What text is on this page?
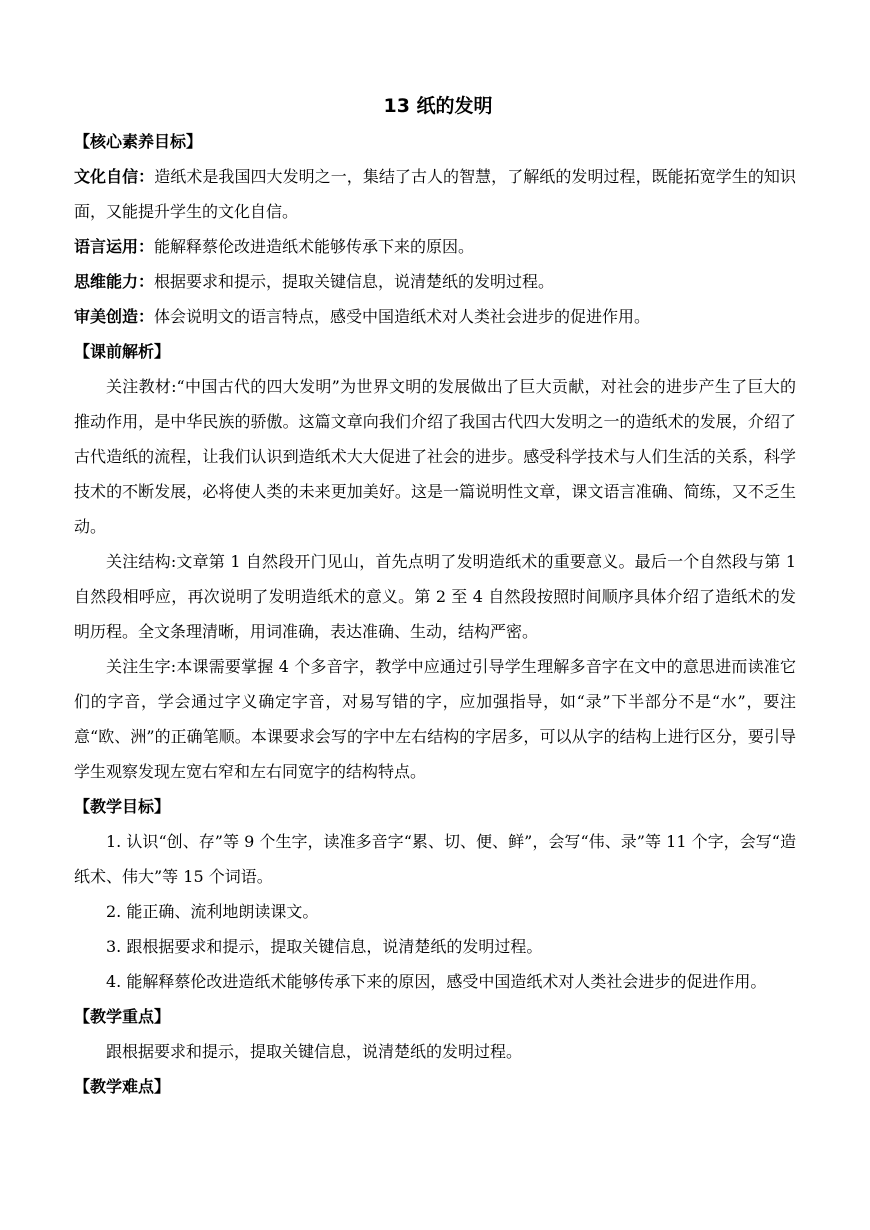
13 纸的发明
【核心素养目标】

文化自信：造纸术是我国四大发明之一，集结了古人的智慧，了解纸的发明过程，既能拓宽学生的知识面，又能提升学生的文化自信。

语言运用：能解释蔡伦改进造纸术能够传承下来的原因。

思维能力：根据要求和提示，提取关键信息，说清楚纸的发明过程。

审美创造：体会说明文的语言特点，感受中国造纸术对人类社会进步的促进作用。

【课前解析】

关注教材:“中国古代的四大发明”为世界文明的发展做出了巨大贡献，对社会的进步产生了巨大的推动作用，是中华民族的骄傲。这篇文章向我们介绍了我国古代四大发明之一的造纸术的发展，介绍了古代造纸的流程，让我们认识到造纸术大大促进了社会的进步。感受科学技术与人们生活的关系，科学技术的不断发展，必将使人类的未来更加美好。这是一篇说明性文章，课文语言准确、简练，又不乏生动。

关注结构:文章第 1 自然段开门见山，首先点明了发明造纸术的重要意义。最后一个自然段与第 1 自然段相呼应，再次说明了发明造纸术的意义。第 2 至 4 自然段按照时间顺序具体介绍了造纸术的发明历程。全文条理清晰，用词准确，表达准确、生动，结构严密。

关注生字:本课需要掌握 4 个多音字，教学中应通过引导学生理解多音字在文中的意思进而读准它们的字音，学会通过字义确定字音，对易写错的字，应加强指导，如“录”下半部分不是“水”，要注意“欧、洲”的正确笔顺。本课要求会写的字中左右结构的字居多，可以从字的结构上进行区分，要引导学生观察发现左宽右窄和左右同宽字的结构特点。

【教学目标】

1. 认识“创、存”等 9 个生字，读准多音字“累、切、便、鲜”，会写“伟、录”等 11 个字，会写“造纸术、伟大”等 15 个词语。

2. 能正确、流利地朗读课文。

3. 跟根据要求和提示，提取关键信息，说清楚纸的发明过程。

4. 能解释蔡伦改进造纸术能够传承下来的原因，感受中国造纸术对人类社会进步的促进作用。

【教学重点】

跟根据要求和提示，提取关键信息，说清楚纸的发明过程。

【教学难点】
